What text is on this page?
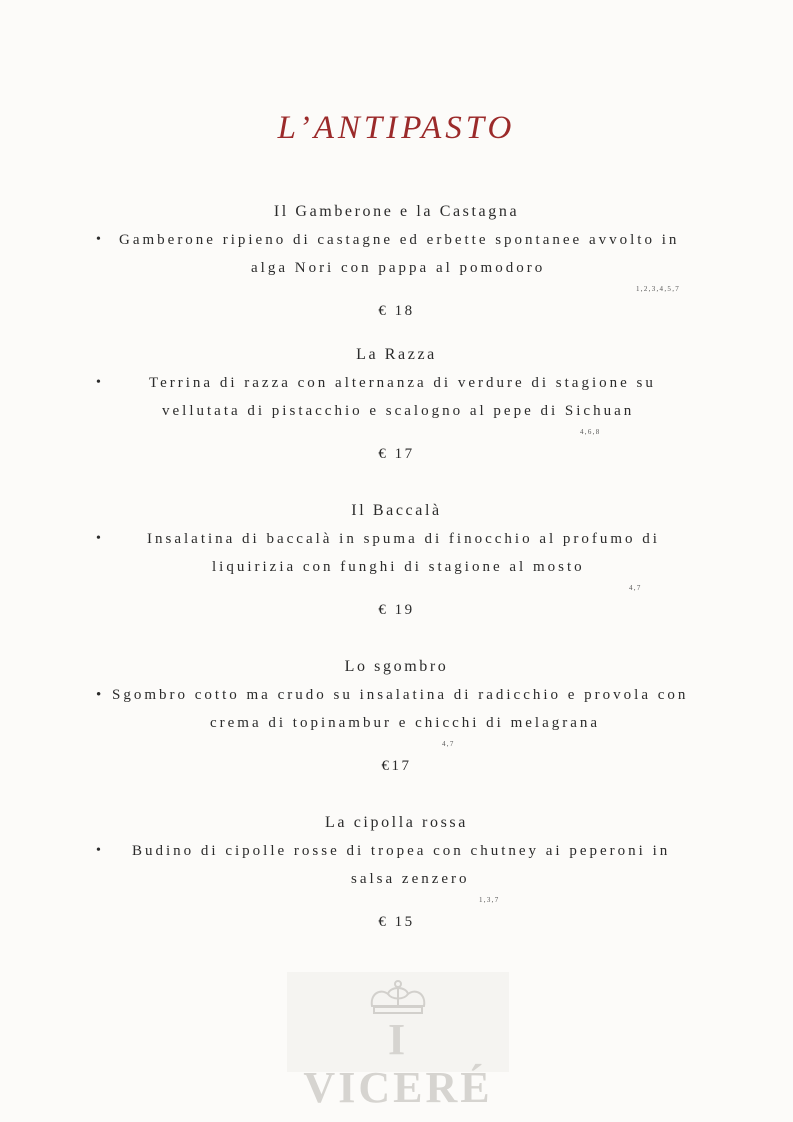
L’ANTIPASTO
Il Gamberone e la Castagna
• Gamberone ripieno di castagne ed erbette spontanee avvolto in
alga Nori con pappa al pomodoro
1,2,3,4,5,7
€ 18
La Razza
•	Terrina di razza con alternanza di verdure di stagione su
vellutata di pistacchio e scalogno al pepe di Sichuan
4,6,8
€ 17
Il Baccalà
•	Insalatina di baccalà in spuma di finocchio al profumo di
liquirizia con funghi di stagione al mosto
4,7
€ 19
Lo sgombro
• Sgombro cotto ma crudo su insalatina di radicchio e provola con
crema di topinambur e chicchi di melagrana
4,7
€17
La cipolla rossa
• Budino di cipolle rosse di tropea con chutney ai peperoni in
salsa zenzero
1,3,7
€ 15
I VICERÉ
